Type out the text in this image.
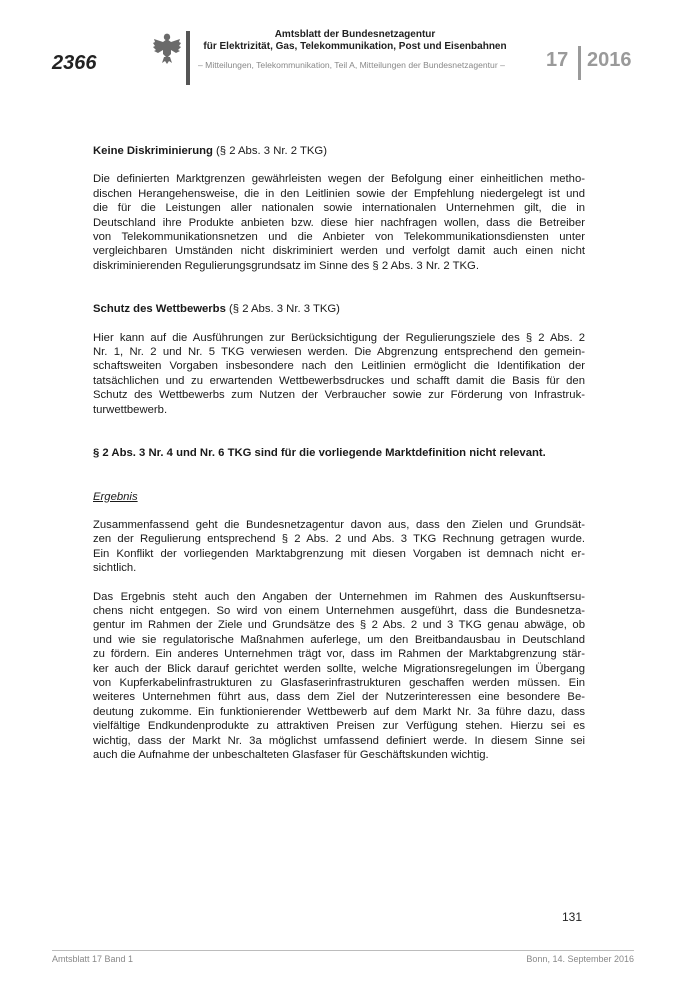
2366
Amtsblatt der Bundesnetzagentur
für Elektrizität, Gas, Telekommunikation, Post und Eisenbahnen
– Mitteilungen, Telekommunikation, Teil A, Mitteilungen der Bundesnetzagentur –	17 2016

Keine Diskriminierung (§ 2 Abs. 3 Nr. 2 TKG)

Die definierten Marktgrenzen gewährleisten wegen der Befolgung einer einheitlichen metho-
dischen Herangehensweise, die in den Leitlinien sowie der Empfehlung niedergelegt ist und
die für die Leistungen aller nationalen sowie internationalen Unternehmen gilt, die in
Deutschland ihre Produkte anbieten bzw. diese hier nachfragen wollen, dass die Betreiber
von Telekommunikationsnetzen und die Anbieter von Telekommunikationsdiensten unter
vergleichbaren Umständen nicht diskriminiert werden und verfolgt damit auch einen nicht
diskriminierenden Regulierungsgrundsatz im Sinne des § 2 Abs. 3 Nr. 2 TKG.

Schutz des Wettbewerbs (§ 2 Abs. 3 Nr. 3 TKG)

Hier kann auf die Ausführungen zur Berücksichtigung der Regulierungsziele des § 2 Abs. 2
Nr. 1, Nr. 2 und Nr. 5 TKG verwiesen werden. Die Abgrenzung entsprechend den gemein-
schaftsweiten Vorgaben insbesondere nach den Leitlinien ermöglicht die Identifikation der
tatsächlichen und zu erwartenden Wettbewerbsdruckes und schafft damit die Basis für den
Schutz des Wettbewerbs zum Nutzen der Verbraucher sowie zur Förderung von Infrastruk-
turwettbewerb.

§ 2 Abs. 3 Nr. 4 und Nr. 6 TKG sind für die vorliegende Marktdefinition nicht relevant.

Ergebnis

Zusammenfassend geht die Bundesnetzagentur davon aus, dass den Zielen und Grundsät-
zen der Regulierung entsprechend § 2 Abs. 2 und Abs. 3 TKG Rechnung getragen wurde.
Ein Konflikt der vorliegenden Marktabgrenzung mit diesen Vorgaben ist demnach nicht er-
sichtlich.
Das Ergebnis steht auch den Angaben der Unternehmen im Rahmen des Auskunftsersu-
chens nicht entgegen. So wird von einem Unternehmen ausgeführt, dass die Bundesnetza-
gentur im Rahmen der Ziele und Grundsätze des § 2 Abs. 2 und 3 TKG genau abwäge, ob
und wie sie regulatorische Maßnahmen auferlege, um den Breitbandausbau in Deutschland
zu fördern. Ein anderes Unternehmen trägt vor, dass im Rahmen der Marktabgrenzung stär-
ker auch der Blick darauf gerichtet werden sollte, welche Migrationsregelungen im Übergang
von Kupferkabelinfrastrukturen zu Glasfaserinfrastrukturen geschaffen werden müssen. Ein
weiteres Unternehmen führt aus, dass dem Ziel der Nutzerinteressen eine besondere Be-
deutung zukomme. Ein funktionierender Wettbewerb auf dem Markt Nr. 3a führe dazu, dass
vielfältige Endkundenprodukte zu attraktiven Preisen zur Verfügung stehen. Hierzu sei es
wichtig, dass der Markt Nr. 3a möglichst umfassend definiert werde. In diesem Sinne sei
auch die Aufnahme der unbeschalteten Glasfaser für Geschäftskunden wichtig.
131
Amtsblatt 17 Band 1	Bonn, 14. September 2016
